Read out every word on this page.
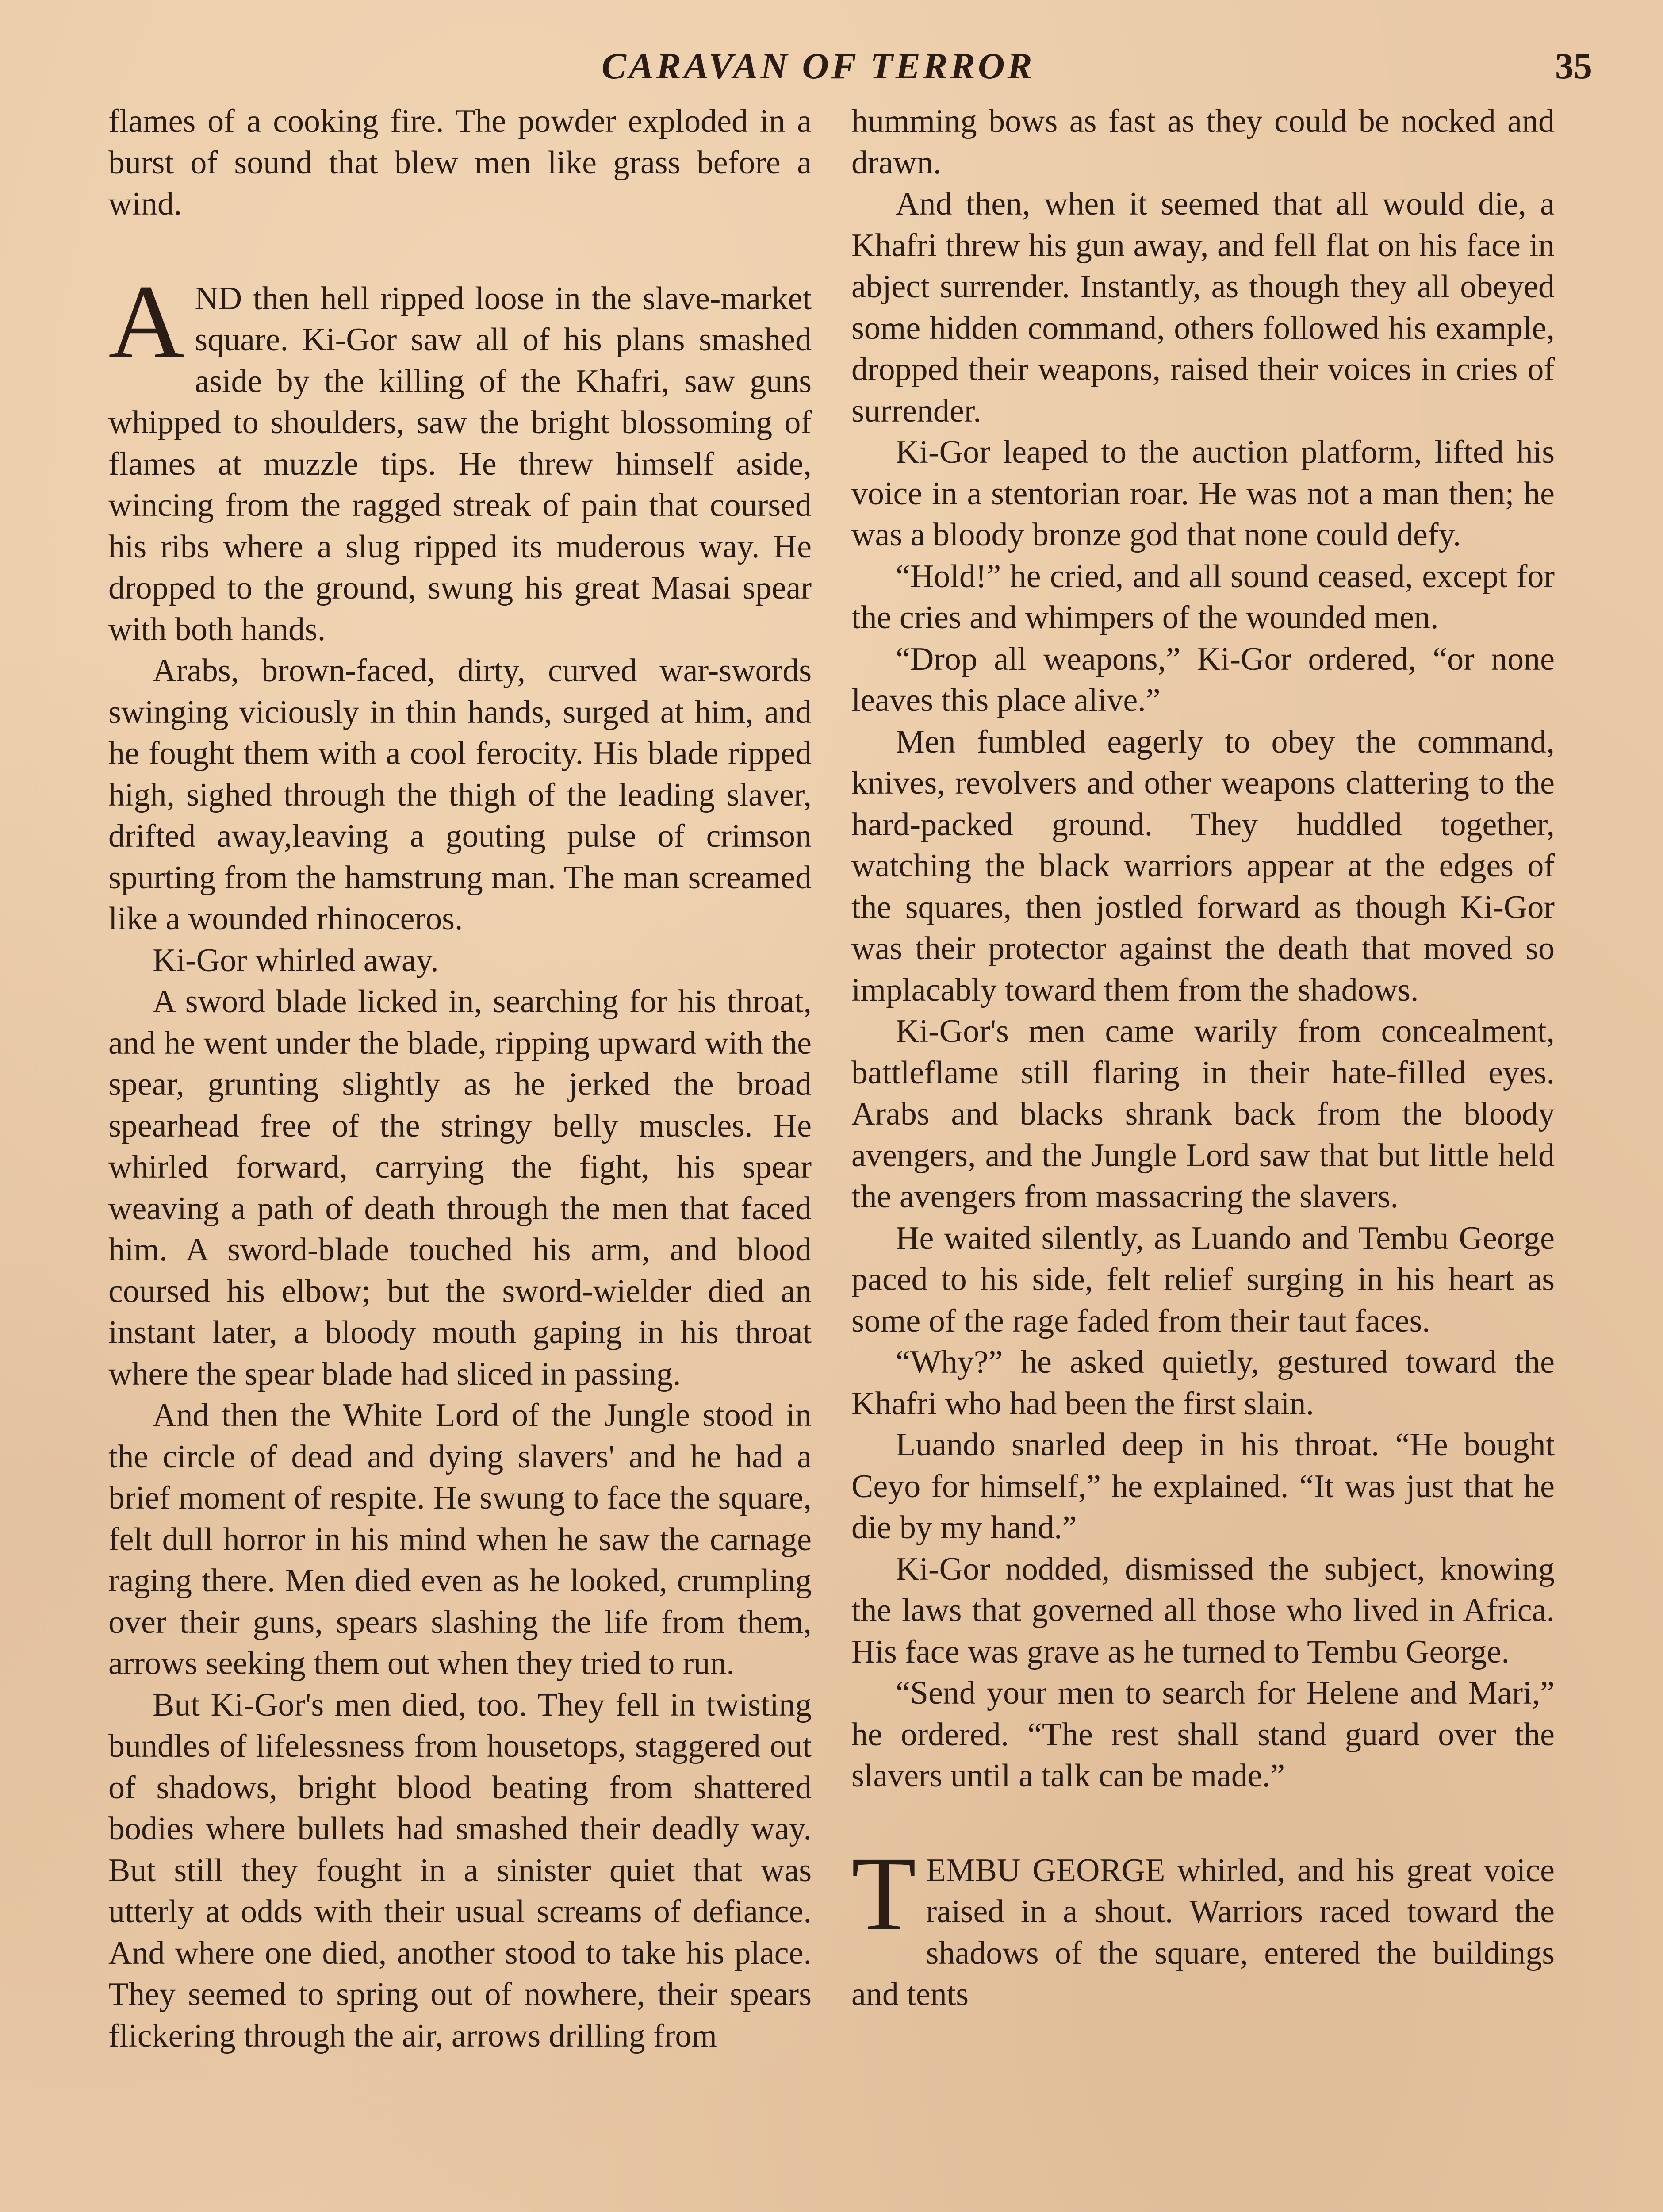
CARAVAN OF TERROR	35

flames of a cooking fire. The powder exploded in a burst of sound that blew men like grass before a wind.

AND then hell ripped loose in the slave-market square. Ki-Gor saw all of his plans smashed aside by the killing of the Khafri, saw guns whipped to shoulders, saw the bright blossoming of flames at muzzle tips. He threw himself aside, wincing from the ragged streak of pain that coursed his ribs where a slug ripped its muderous way. He dropped to the ground, swung his great Masai spear with both hands.

Arabs, brown-faced, dirty, curved war-swords swinging viciously in thin hands, surged at him, and he fought them with a cool ferocity. His blade ripped high, sighed through the thigh of the leading slaver, drifted away,leaving a gouting pulse of crimson spurting from the hamstrung man. The man screamed like a wounded rhinoceros.

Ki-Gor whirled away.

A sword blade licked in, searching for his throat, and he went under the blade, ripping upward with the spear, grunting slightly as he jerked the broad spearhead free of the stringy belly muscles. He whirled forward, carrying the fight, his spear weaving a path of death through the men that faced him. A sword-blade touched his arm, and blood coursed his elbow; but the sword-wielder died an instant later, a bloody mouth gaping in his throat where the spear blade had sliced in passing.

And then the White Lord of the Jungle stood in the circle of dead and dying slavers' and he had a brief moment of respite. He swung to face the square, felt dull horror in his mind when he saw the carnage raging there. Men died even as he looked, crumpling over their guns, spears slashing the life from them, arrows seeking them out when they tried to run.

But Ki-Gor's men died, too. They fell in twisting bundles of lifelessness from housetops, staggered out of shadows, bright blood beating from shattered bodies where bullets had smashed their deadly way. But still they fought in a sinister quiet that was utterly at odds with their usual screams of defiance. And where one died, another stood to take his place. They seemed to spring out of nowhere, their spears flickering through the air, arrows drilling from

humming bows as fast as they could be nocked and drawn.

And then, when it seemed that all would die, a Khafri threw his gun away, and fell flat on his face in abject surrender. Instantly, as though they all obeyed some hidden command, others followed his example, dropped their weapons, raised their voices in cries of surrender.

Ki-Gor leaped to the auction platform, lifted his voice in a stentorian roar. He was not a man then; he was a bloody bronze god that none could defy.

“Hold!” he cried, and all sound ceased, except for the cries and whimpers of the wounded men.

“Drop all weapons,” Ki-Gor ordered, “or none leaves this place alive.”

Men fumbled eagerly to obey the command, knives, revolvers and other weapons clattering to the hard-packed ground. They huddled together, watching the black warriors appear at the edges of the squares, then jostled forward as though Ki-Gor was their protector against the death that moved so implacably toward them from the shadows.

Ki-Gor's men came warily from concealment, battleflame still flaring in their hate-filled eyes. Arabs and blacks shrank back from the bloody avengers, and the Jungle Lord saw that but little held the avengers from massacring the slavers.

He waited silently, as Luando and Tembu George paced to his side, felt relief surging in his heart as some of the rage faded from their taut faces.

“Why?” he asked quietly, gestured toward the Khafri who had been the first slain.

Luando snarled deep in his throat. “He bought Ceyo for himself,” he explained. “It was just that he die by my hand.”

Ki-Gor nodded, dismissed the subject, knowing the laws that governed all those who lived in Africa. His face was grave as he turned to Tembu George.

“Send your men to search for Helene and Mari,” he ordered. “The rest shall stand guard over the slavers until a talk can be made.”

TEMBU GEORGE whirled, and his great voice raised in a shout. Warriors raced toward the shadows of the square, entered the buildings and tents
